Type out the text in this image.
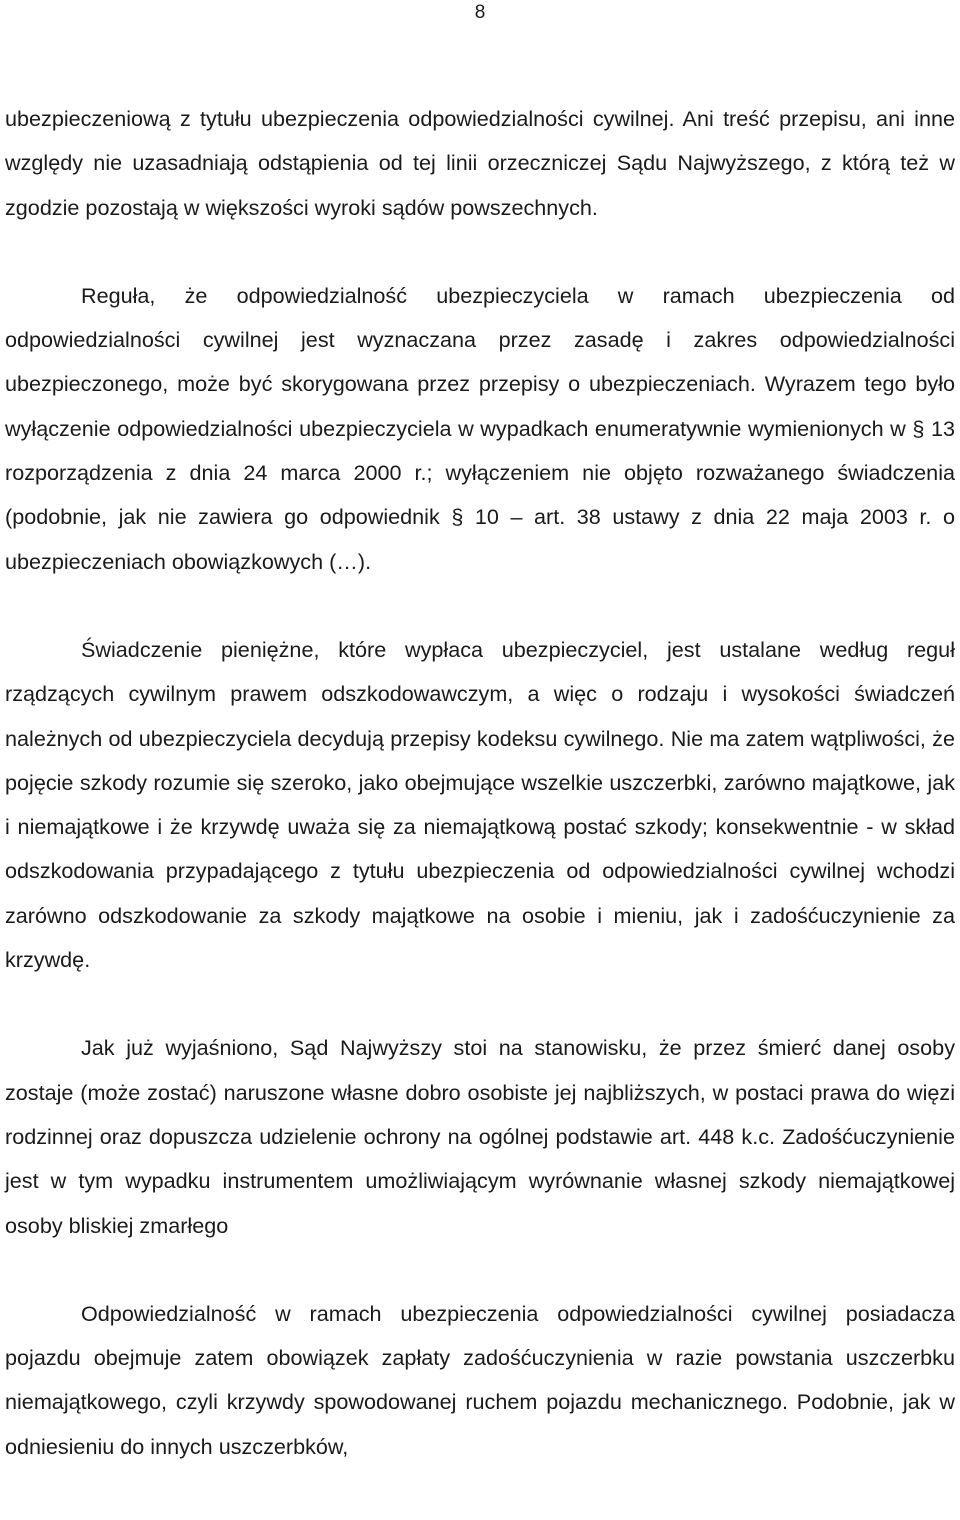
8

ubezpieczeniową z tytułu ubezpieczenia odpowiedzialności cywilnej. Ani treść przepisu, ani inne względy nie uzasadniają odstąpienia od tej linii orzeczniczej Sądu Najwyższego, z którą też w zgodzie pozostają w większości wyroki sądów powszechnych.

Reguła, że odpowiedzialność ubezpieczyciela w ramach ubezpieczenia od odpowiedzialności cywilnej jest wyznaczana przez zasadę i zakres odpowiedzialności ubezpieczonego, może być skorygowana przez przepisy o ubezpieczeniach. Wyrazem tego było wyłączenie odpowiedzialności ubezpieczyciela w wypadkach enumeratywnie wymienionych w § 13 rozporządzenia z dnia 24 marca 2000 r.; wyłączeniem nie objęto rozważanego świadczenia (podobnie, jak nie zawiera go odpowiednik § 10 – art. 38 ustawy z dnia 22 maja 2003 r. o ubezpieczeniach obowiązkowych (…).

Świadczenie pieniężne, które wypłaca ubezpieczyciel, jest ustalane według reguł rządzących cywilnym prawem odszkodowawczym, a więc o rodzaju i wysokości świadczeń należnych od ubezpieczyciela decydują przepisy kodeksu cywilnego. Nie ma zatem wątpliwości, że pojęcie szkody rozumie się szeroko, jako obejmujące wszelkie uszczerbki, zarówno majątkowe, jak i niemajątkowe i że krzywdę uważa się za niemajątkową postać szkody; konsekwentnie - w skład odszkodowania przypadającego z tytułu ubezpieczenia od odpowiedzialności cywilnej wchodzi zarówno odszkodowanie za szkody majątkowe na osobie i mieniu, jak i zadośćuczynienie za krzywdę.

Jak już wyjaśniono, Sąd Najwyższy stoi na stanowisku, że przez śmierć danej osoby zostaje (może zostać) naruszone własne dobro osobiste jej najbliższych, w postaci prawa do więzi rodzinnej oraz dopuszcza udzielenie ochrony na ogólnej podstawie art. 448 k.c. Zadośćuczynienie jest w tym wypadku instrumentem umożliwiającym wyrównanie własnej szkody niemajątkowej osoby bliskiej zmarłego

Odpowiedzialność w ramach ubezpieczenia odpowiedzialności cywilnej posiadacza pojazdu obejmuje zatem obowiązek zapłaty zadośćuczynienia w razie powstania uszczerbku niemajątkowego, czyli krzywdy spowodowanej ruchem pojazdu mechanicznego. Podobnie, jak w odniesieniu do innych uszczerbków,
